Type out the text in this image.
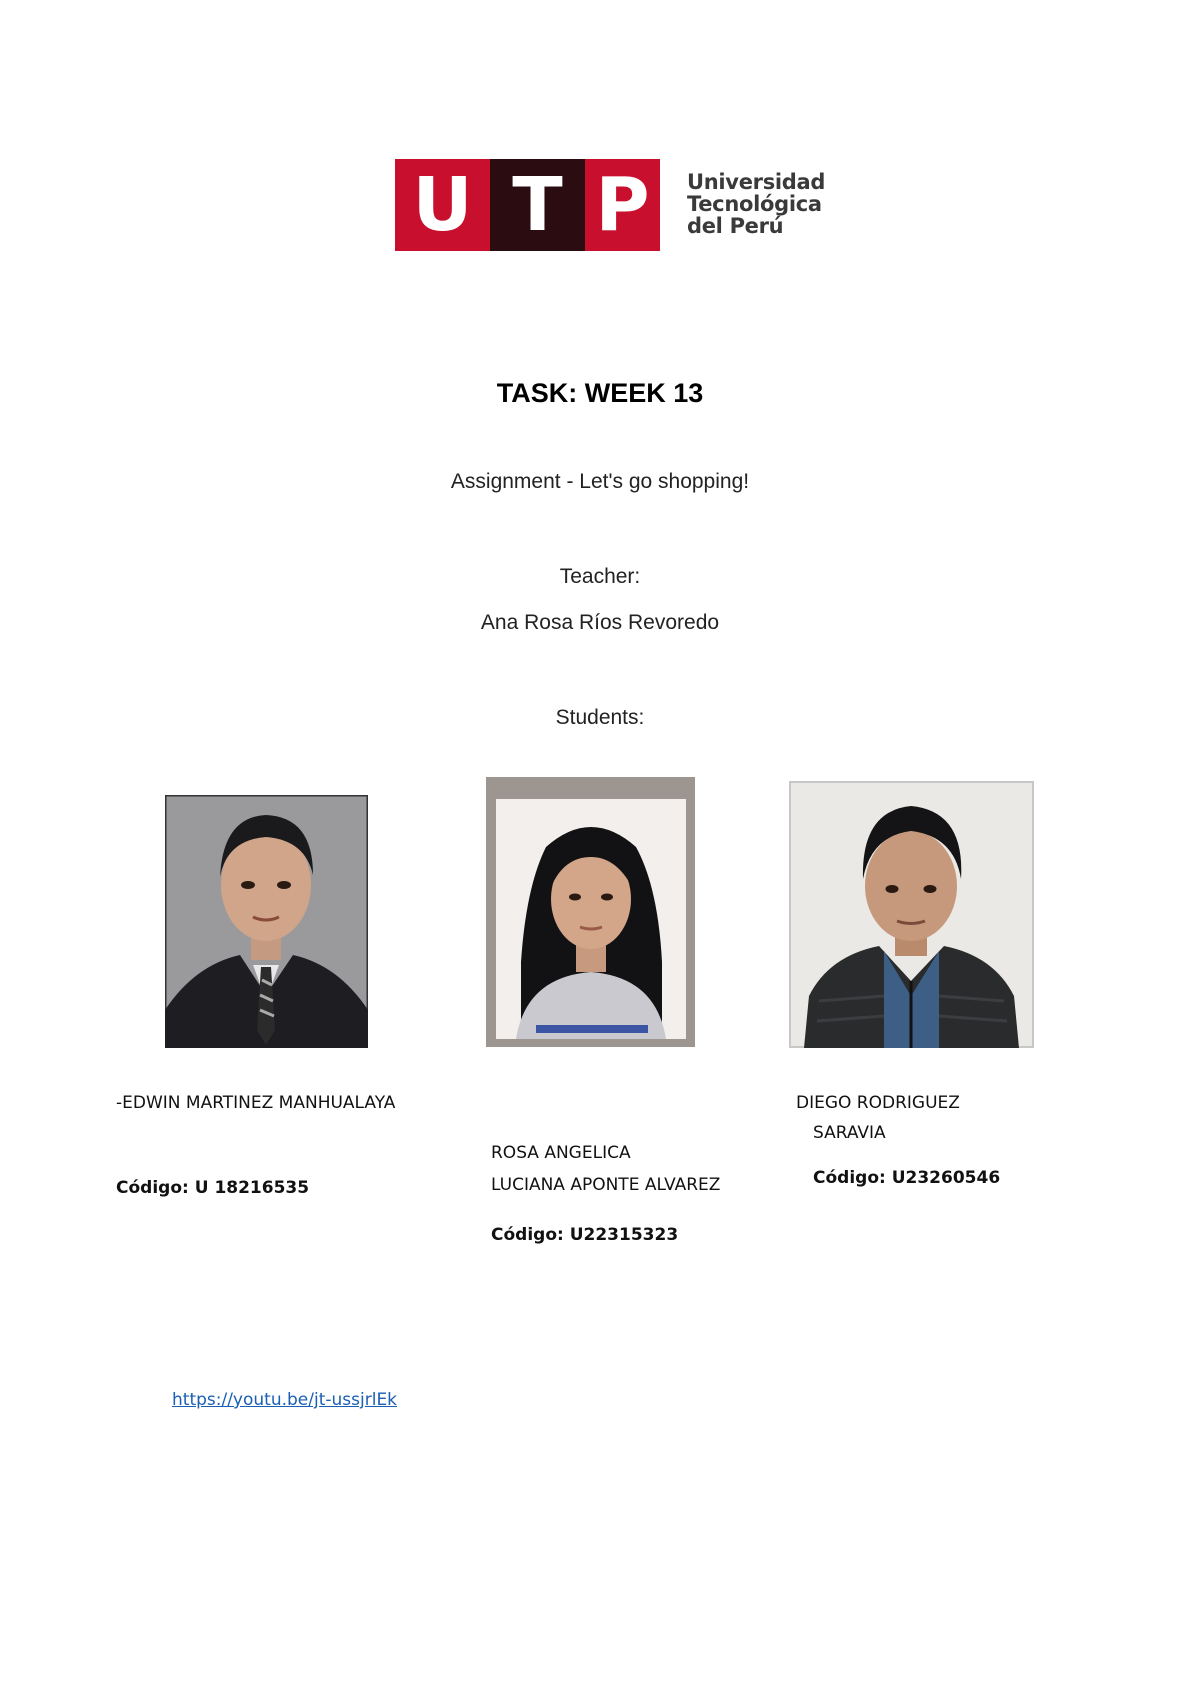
U T P	Universidad
Tecnológica
del Perú
TASK: WEEK 13
Assignment - Let's go shopping!
Teacher:
Ana Rosa Ríos Revoredo
Students:
-EDWIN MARTINEZ MANHUALAYA
Código: U 18216535
ROSA ANGELICA
LUCIANA APONTE ALVAREZ
Código: U22315323
DIEGO RODRIGUEZ
SARAVIA
Código: U23260546
https://youtu.be/jt-ussjrlEk
